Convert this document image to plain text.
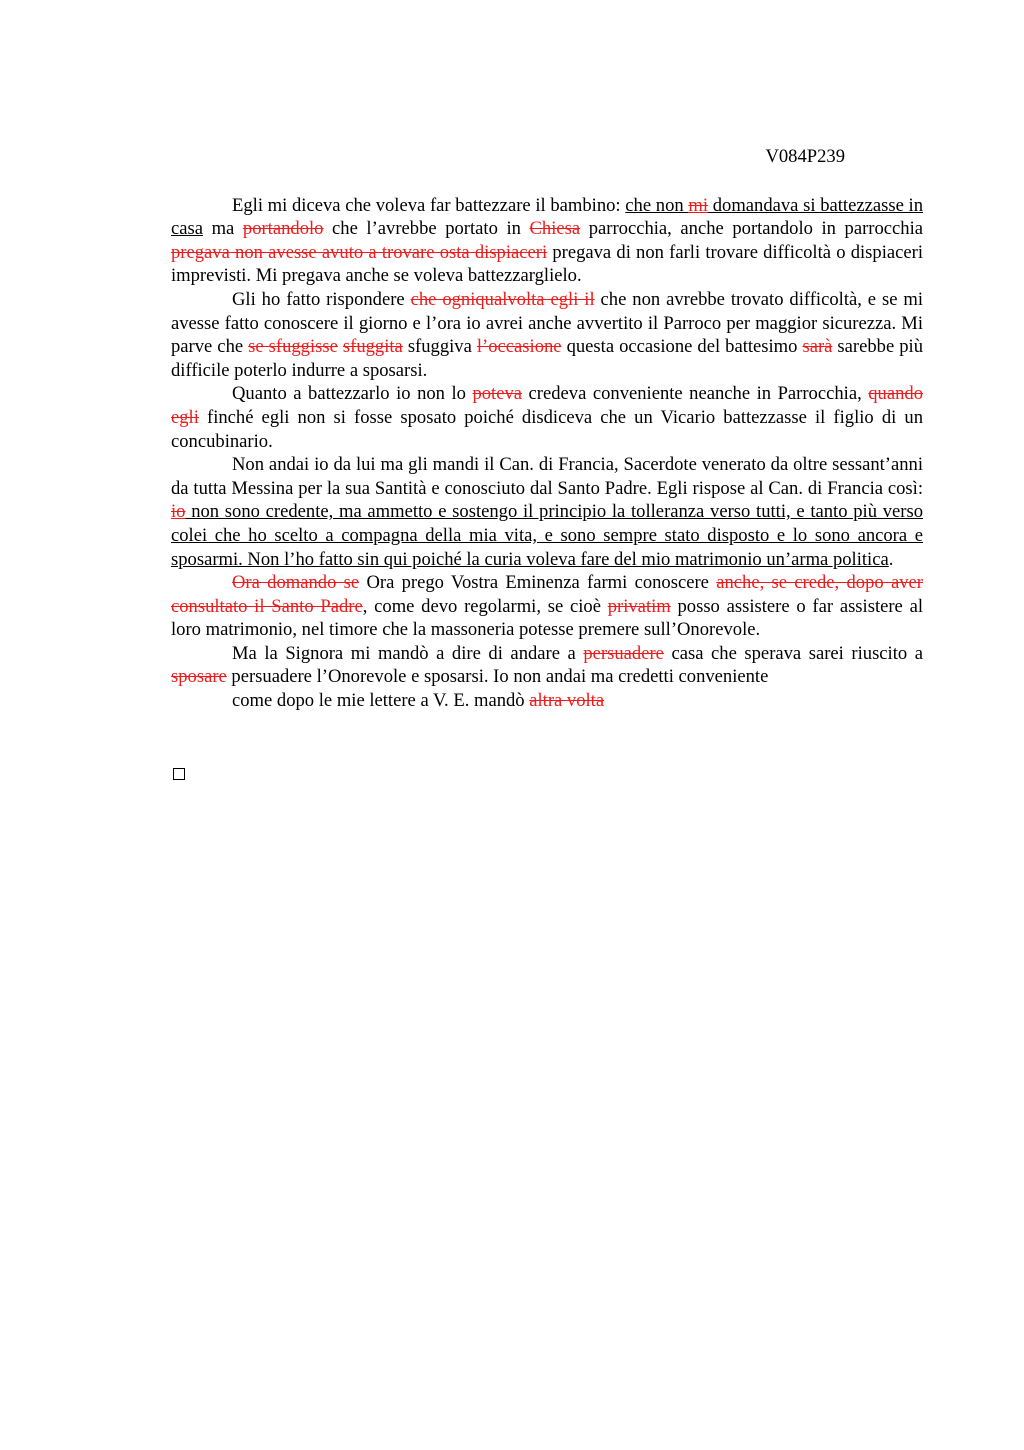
V084P239

Egli mi diceva che voleva far battezzare il bambino: che non mi domandava si battezzasse in casa ma portandolo che l’avrebbe portato in Chiesa parrocchia, anche portandolo in parrocchia pregava non avesse avuto a trovare osta dispiaceri pregava di non farli trovare difficoltà o dispiaceri imprevisti. Mi pregava anche se voleva battezzarglielo.

Gli ho fatto rispondere che ogniqualvolta egli il che non avrebbe trovato difficoltà, e se mi avesse fatto conoscere il giorno e l’ora io avrei anche avvertito il Parroco per maggior sicurezza. Mi parve che se sfuggisse sfuggita sfuggiva l’occasione questa occasione del battesimo sarà sarebbe più difficile poterlo indurre a sposarsi.

Quanto a battezzarlo io non lo poteva credeva conveniente neanche in Parrocchia, quando egli finché egli non si fosse sposato poiché disdiceva che un Vicario battezzasse il figlio di un concubinario.

Non andai io da lui ma gli mandi il Can. di Francia, Sacerdote venerato da oltre sessant’anni da tutta Messina per la sua Santità e conosciuto dal Santo Padre. Egli rispose al Can. di Francia così: io non sono credente, ma ammetto e sostengo il principio la tolleranza verso tutti, e tanto più verso colei che ho scelto a compagna della mia vita, e sono sempre stato disposto e lo sono ancora e sposarmi. Non l’ho fatto sin qui poiché la curia voleva fare del mio matrimonio un’arma politica.

Ora domando se Ora prego Vostra Eminenza farmi conoscere anche, se crede, dopo aver consultato il Santo Padre, come devo regolarmi, se cioè privatim posso assistere o far assistere al loro matrimonio, nel timore che la massoneria potesse premere sull’Onorevole.

Ma la Signora mi mandò a dire di andare a persuadere casa che sperava sarei riuscito a sposare persuadere l’Onorevole e sposarsi. Io non andai ma credetti conveniente

come dopo le mie lettere a V. E. mandò altra volta
